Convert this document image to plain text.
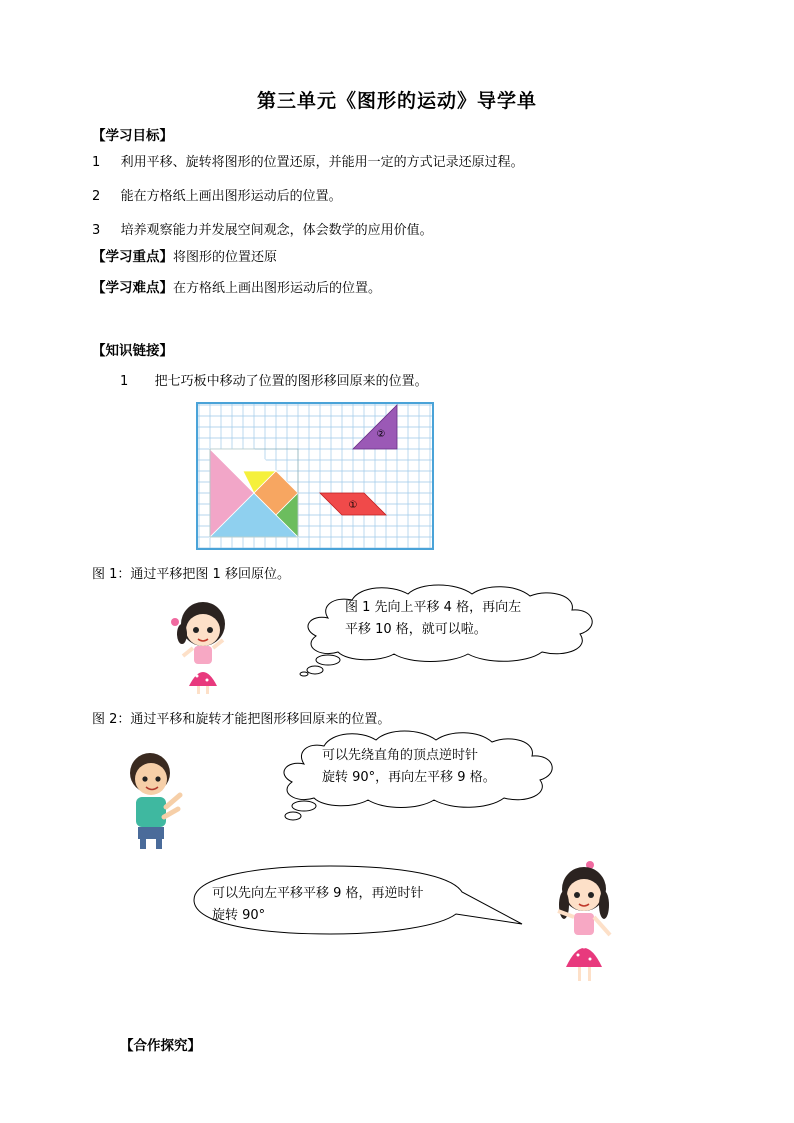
第三单元《图形的运动》导学单
【学习目标】
1 利用平移、旋转将图形的位置还原，并能用一定的方式记录还原过程。
2 能在方格纸上画出图形运动后的位置。
3 培养观察能力并发展空间观念，体会数学的应用价值。
【学习重点】将图形的位置还原
【学习难点】在方格纸上画出图形运动后的位置。
【知识链接】
1 把七巧板中移动了位置的图形移回原来的位置。
①
②
图 1：通过平移把图 1 移回原位。
图 1 先向上平移 4 格，再向左
平移 10 格，就可以啦。
图 2：通过平移和旋转才能把图形移回原来的位置。
可以先绕直角的顶点逆时针
旋转 90°，再向左平移 9 格。
可以先向左平移平移 9 格，再逆时针
旋转 90°
【合作探究】
